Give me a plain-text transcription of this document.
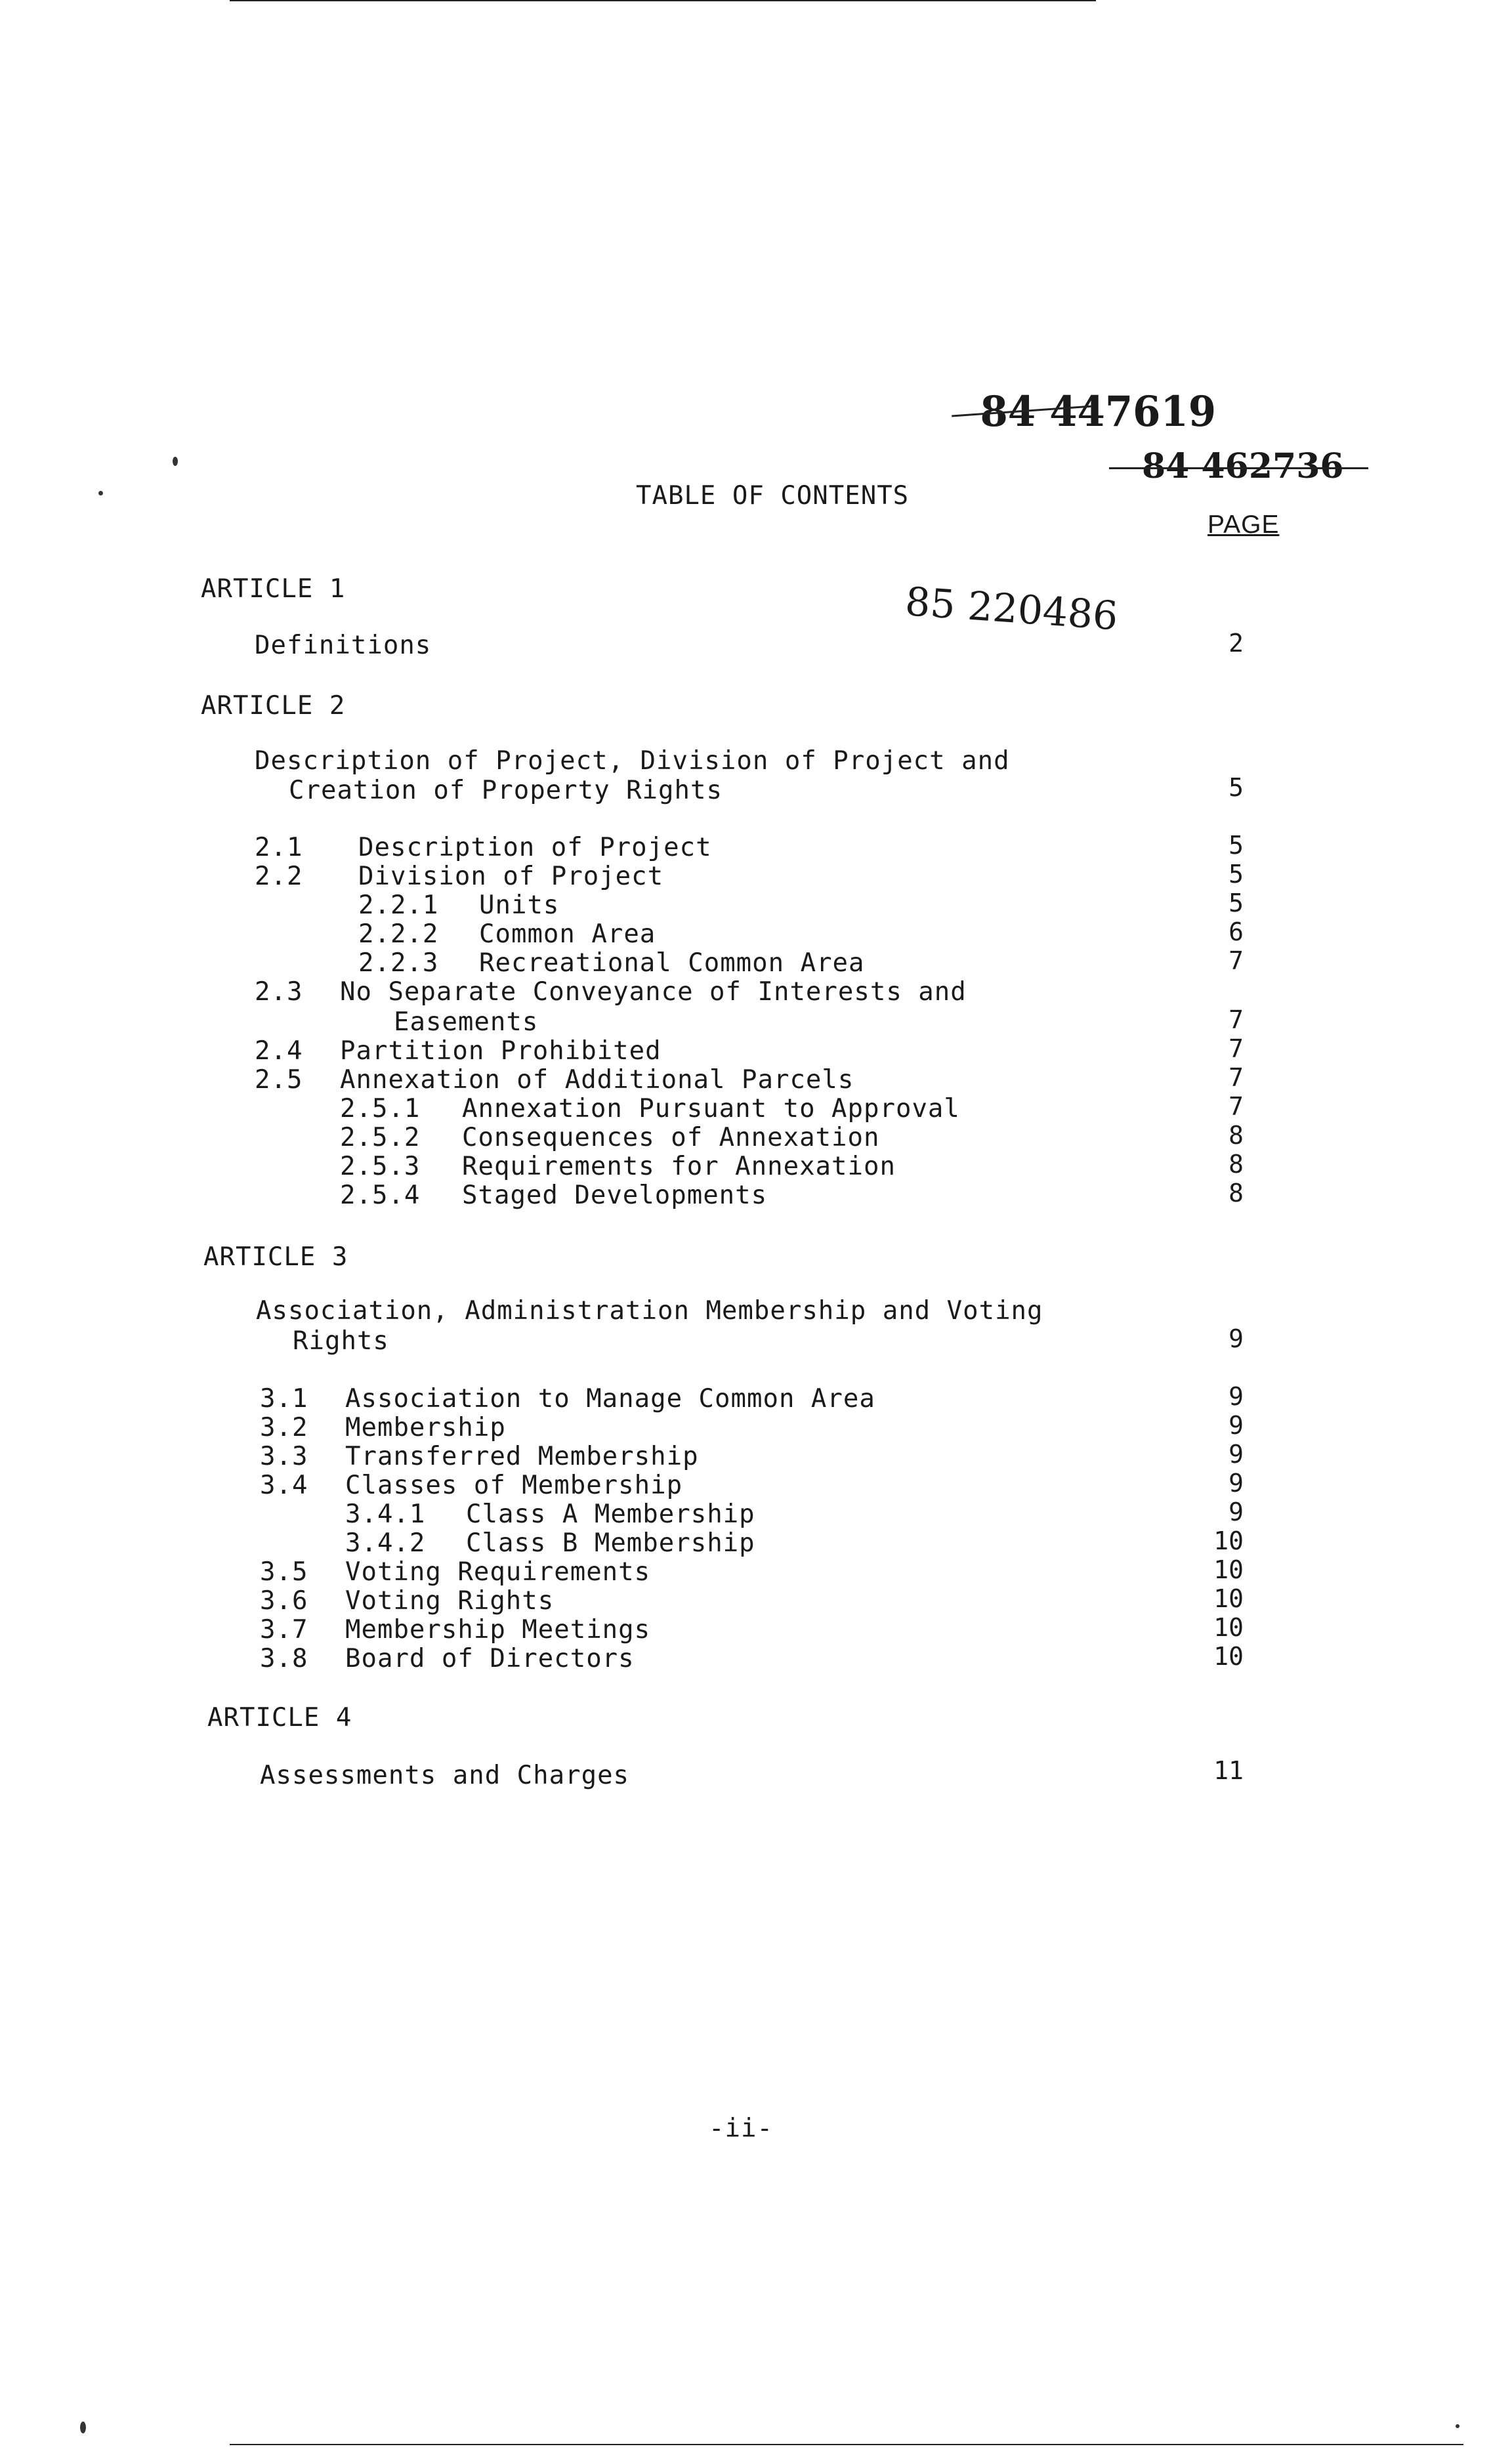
84 447619
84 462736
85 220486
TABLE OF CONTENTS
PAGE
ARTICLE 1
Definitions	2
ARTICLE 2
Description of Project, Division of Project and
Creation of Property Rights	5
2.1 Description of Project	5
2.2 Division of Project	5
2.2.1 Units	5
2.2.2 Common Area	6
2.2.3 Recreational Common Area	7
2.3 No Separate Conveyance of Interests and
Easements	7
2.4 Partition Prohibited	7
2.5 Annexation of Additional Parcels	7
2.5.1 Annexation Pursuant to Approval	7
2.5.2 Consequences of Annexation	8
2.5.3 Requirements for Annexation	8
2.5.4 Staged Developments	8
ARTICLE 3
Association, Administration Membership and Voting
Rights	9
3.1 Association to Manage Common Area	9
3.2 Membership	9
3.3 Transferred Membership	9
3.4 Classes of Membership	9
3.4.1 Class A Membership	9
3.4.2 Class B Membership	10
3.5 Voting Requirements	10
3.6 Voting Rights	10
3.7 Membership Meetings	10
3.8 Board of Directors	10
ARTICLE 4
Assessments and Charges	11
-ii-
